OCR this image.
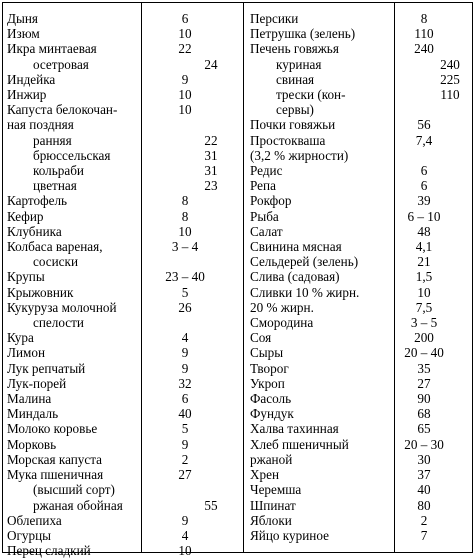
Дыня	6
Изюм	10
Икра минтаевая	22
осетровая	24
Индейка	9
Инжир	10
Капуста белокочан-	10
ная поздняя
ранняя	22
брюссельская	31
кольраби	31
цветная	23
Картофель	8
Кефир	8
Клубника	10
Колбаса вареная,	3 – 4
сосиски
Крупы	23 – 40
Крыжовник	5
Кукуруза молочной	26
спелости
Кура	4
Лимон	9
Лук репчатый	9
Лук-порей	32
Малина	6
Миндаль	40
Молоко коровье	5
Морковь	9
Морская капуста	2
Мука пшеничная	27
(высший сорт)
ржаная обойная	55
Облепиха	9
Огурцы	4
Перец сладкий	10
Персики	8
Петрушка (зелень)	110
Печень говяжья	240
куриная	240
свиная	225
трески (кон-	110
сервы)
Почки говяжьи	56
Простокваша	7,4
(3,2 % жирности)
Редис	6
Репа	6
Рокфор	39
Рыба	6 – 10
Салат	48
Свинина мясная	4,1
Сельдерей (зелень)	21
Слива (садовая)	1,5
Сливки 10 % жирн.	10
20 % жирн.	7,5
Смородина	3 – 5
Соя	200
Сыры	20 – 40
Творог	35
Укроп	27
Фасоль	90
Фундук	68
Халва тахинная	65
Хлеб пшеничный	20 – 30
ржаной	30
Хрен	37
Черемша	40
Шпинат	80
Яблоки	2
Яйцо куриное	7
